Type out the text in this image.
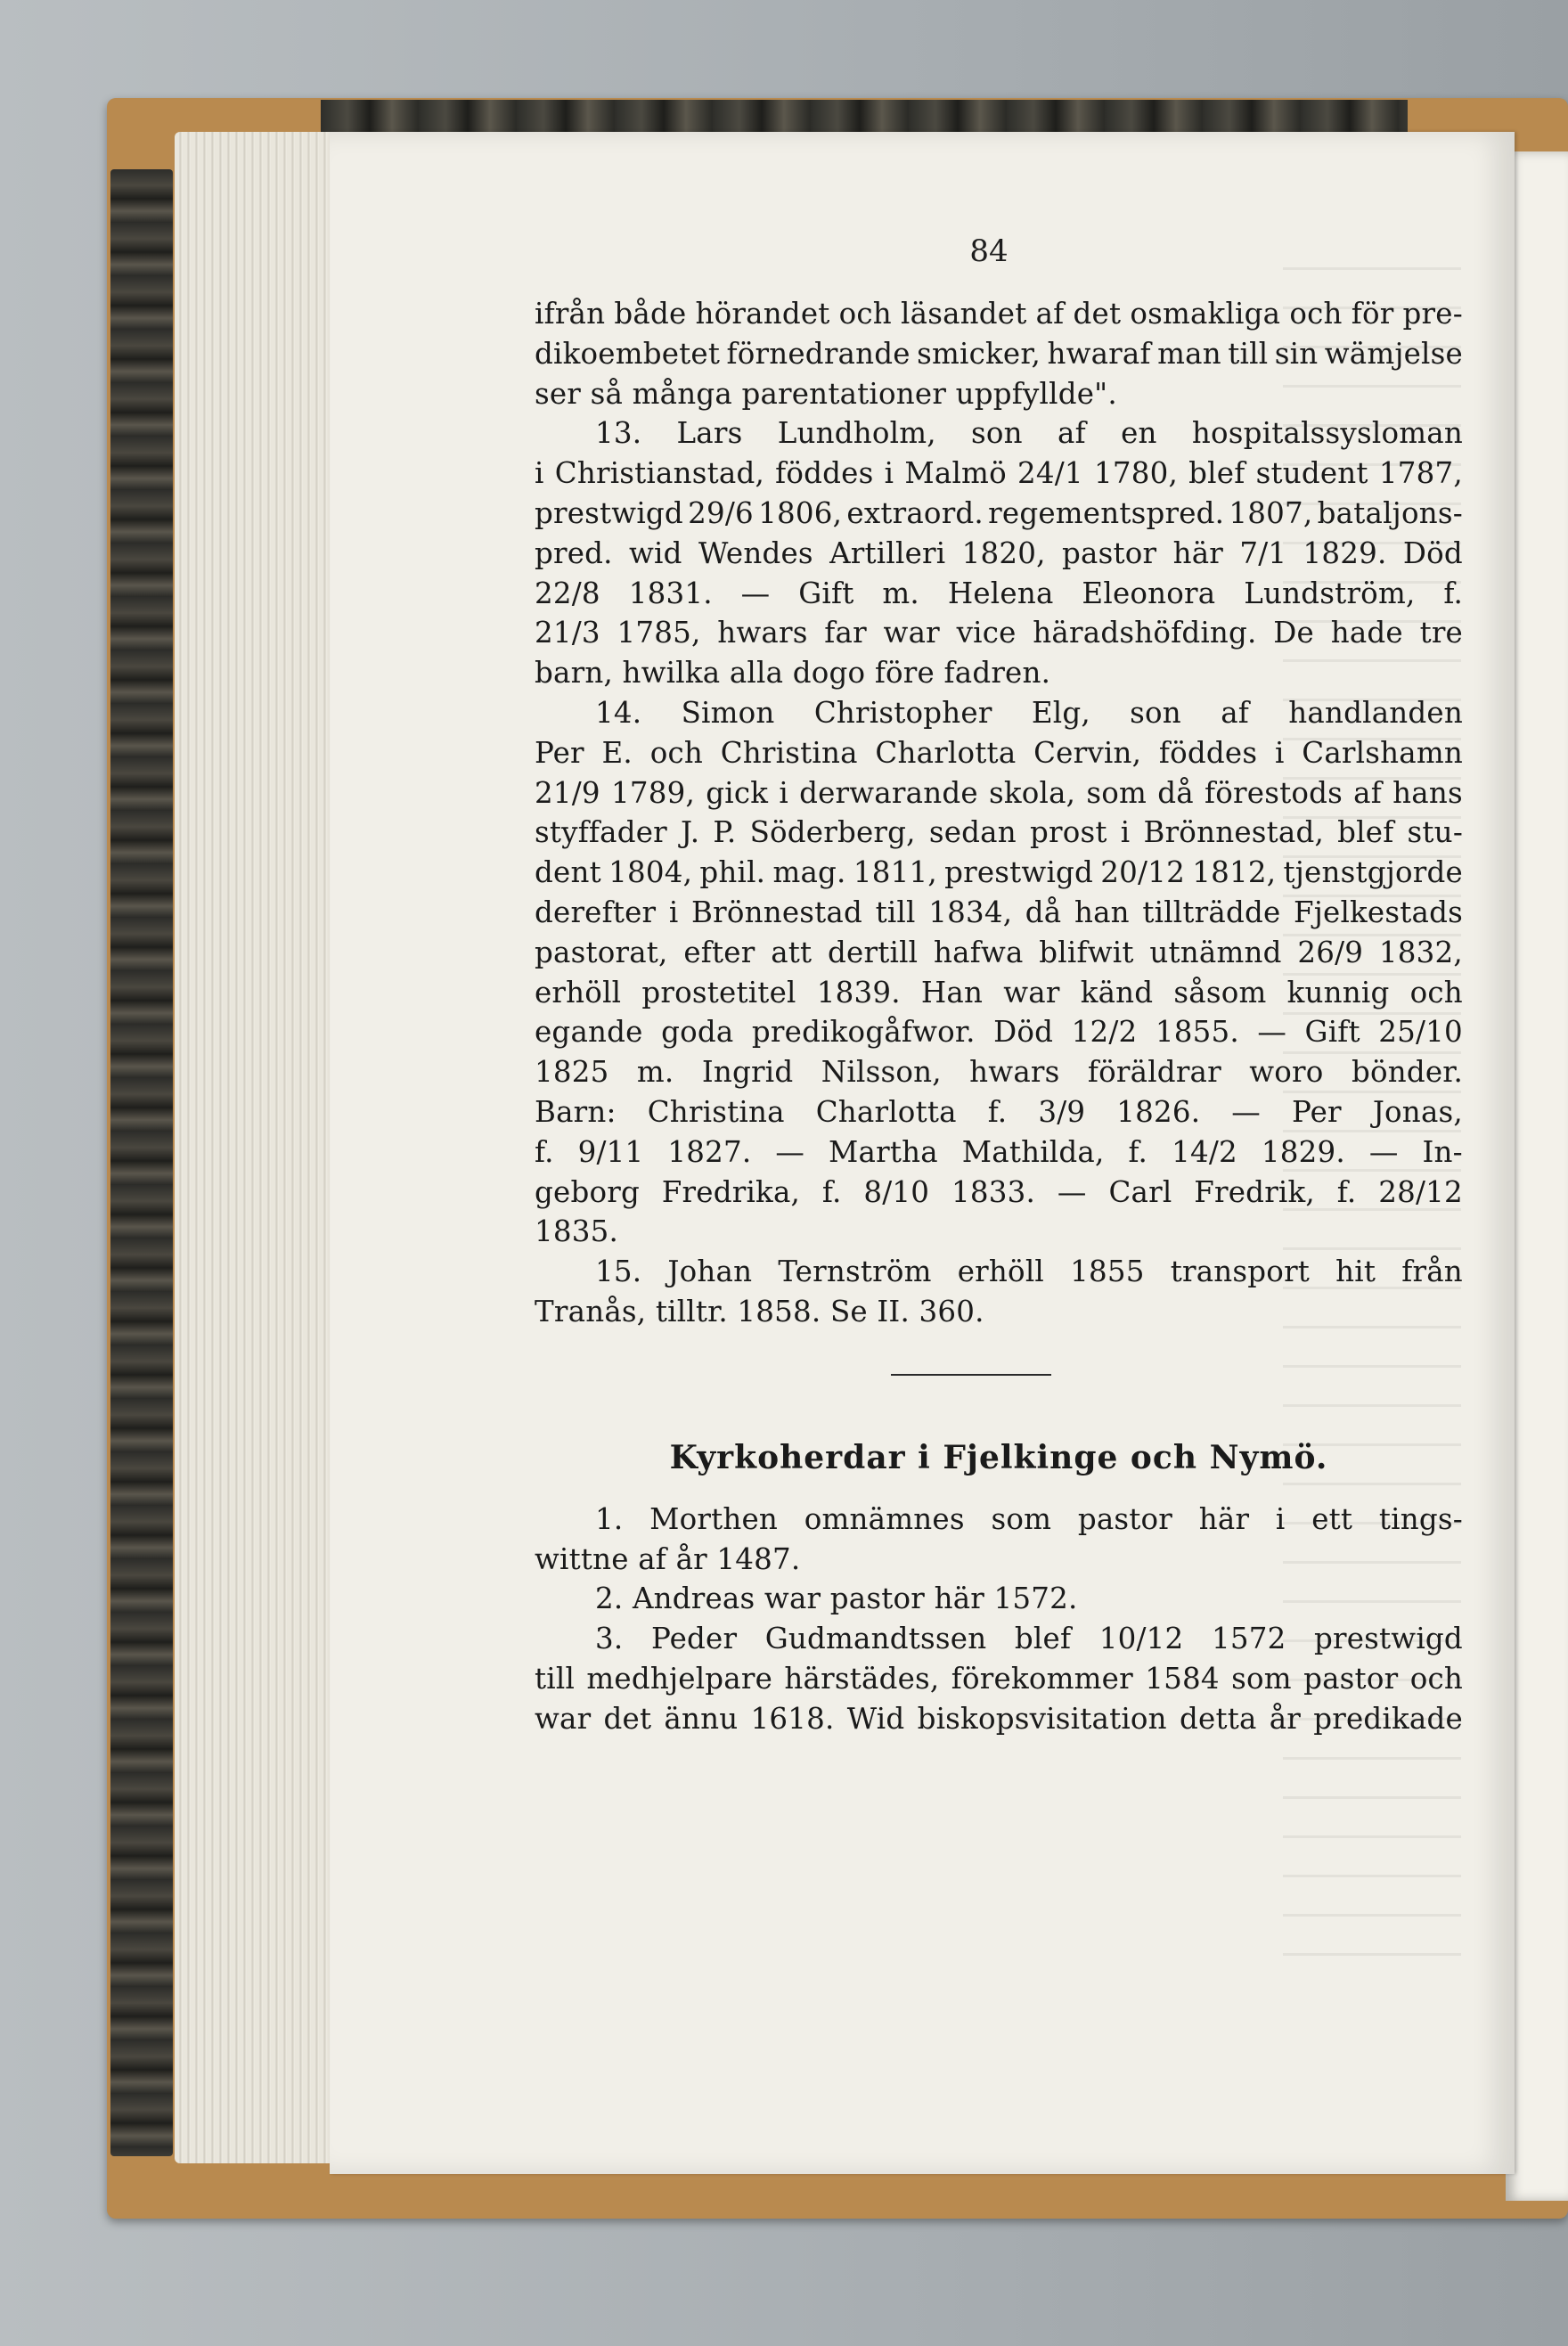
84
ifrån både hörandet och läsandet af det osmakliga och för pre-
dikoembetet förnedrande smicker, hwaraf man till sin wämjelse
ser så många parentationer uppfyllde".
13. Lars Lundholm, son af en hospitalssysloman
i Christianstad, föddes i Malmö 24/1 1780, blef student 1787,
prestwigd 29/6 1806, extraord. regementspred. 1807, bataljons-
pred. wid Wendes Artilleri 1820, pastor här 7/1 1829. Död
22/8 1831. — Gift m. Helena Eleonora Lundström, f.
21/3 1785, hwars far war vice häradshöfding. De hade tre
barn, hwilka alla dogo före fadren.
14. Simon Christopher Elg, son af handlanden
Per E. och Christina Charlotta Cervin, föddes i Carlshamn
21/9 1789, gick i derwarande skola, som då förestods af hans
styffader J. P. Söderberg, sedan prost i Brönnestad, blef stu-
dent 1804, phil. mag. 1811, prestwigd 20/12 1812, tjenstgjorde
derefter i Brönnestad till 1834, då han tillträdde Fjelkestads
pastorat, efter att dertill hafwa blifwit utnämnd 26/9 1832,
erhöll prostetitel 1839. Han war känd såsom kunnig och
egande goda predikogåfwor. Död 12/2 1855. — Gift 25/10
1825 m. Ingrid Nilsson, hwars föräldrar woro bönder.
Barn: Christina Charlotta f. 3/9 1826. — Per Jonas,
f. 9/11 1827. — Martha Mathilda, f. 14/2 1829. — In-
geborg Fredrika, f. 8/10 1833. — Carl Fredrik, f. 28/12
1835.
15. Johan Ternström erhöll 1855 transport hit från
Tranås, tilltr. 1858. Se II. 360.
Kyrkoherdar i Fjelkinge och Nymö.
1. Morthen omnämnes som pastor här i ett tings-
wittne af år 1487.
2. Andreas war pastor här 1572.
3. Peder Gudmandtssen blef 10/12 1572 prestwigd
till medhjelpare härstädes, förekommer 1584 som pastor och
war det ännu 1618. Wid biskopsvisitation detta år predikade
